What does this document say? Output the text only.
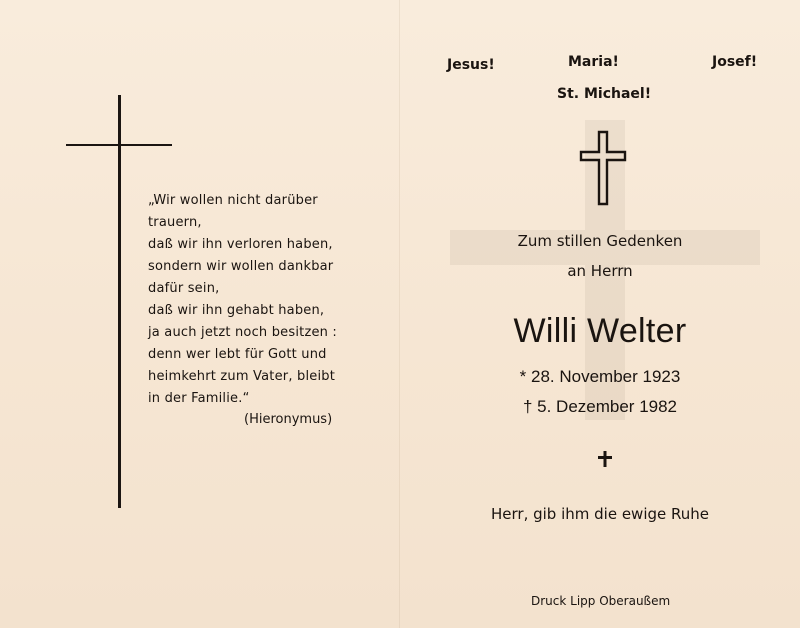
„Wir wollen nicht darüber
trauern,
daß wir ihn verloren haben,
sondern wir wollen dankbar
dafür sein,
daß wir ihn gehabt haben,
ja auch jetzt noch besitzen :
denn wer lebt für Gott und
heimkehrt zum Vater, bleibt
in der Familie.“
(Hieronymus)
Jesus!	Maria!	Josef!
St. Michael!
Zum stillen Gedenken
an Herrn
Willi Welter
* 28. November 1923
† 5. Dezember 1982
Herr, gib ihm die ewige Ruhe
Druck Lipp Oberaußem
